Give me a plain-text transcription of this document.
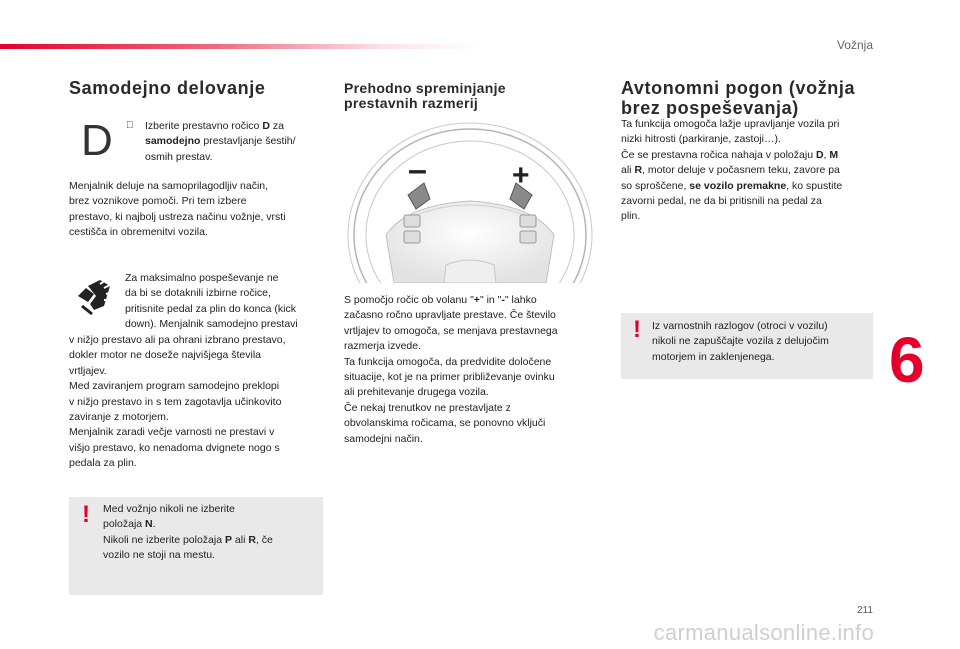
Vožnja
Samodejno delovanje
D	Izberite prestavno ročico D za
samodejno prestavljanje šestih/
osmih prestav.
Menjalnik deluje na samoprilagodljiv način,
brez voznikove pomoči. Pri tem izbere
prestavo, ki najbolj ustreza načinu vožnje, vrsti
cestišča in obremenitvi vozila.
Za maksimalno pospeševanje ne
da bi se dotaknili izbirne ročice,
pritisnite pedal za plin do konca (kick
down). Menjalnik samodejno prestavi
v nižjo prestavo ali pa ohrani izbrano prestavo,
dokler motor ne doseže najvišjega števila
vrtljajev.
Med zaviranjem program samodejno preklopi
v nižjo prestavo in s tem zagotavlja učinkovito
zaviranje z motorjem.
Menjalnik zaradi večje varnosti ne prestavi v
višjo prestavo, ko nenadoma dvignete nogo s
pedala za plin.
! Med vožnjo nikoli ne izberite
položaja N.
Nikoli ne izberite položaja P ali R, če
vozilo ne stoji na mestu.
Prehodno spreminjanje
prestavnih razmerij
–	+
S pomočjo ročic ob volanu "+" in "-" lahko
začasno ročno upravljate prestave. Če število
vrtljajev to omogoča, se menjava prestavnega
razmerja izvede.
Ta funkcija omogoča, da predvidite določene
situacije, kot je na primer približevanje ovinku
ali prehitevanje drugega vozila.
Če nekaj trenutkov ne prestavljate z
obvolanskima ročicama, se ponovno vključi
samodejni način.
Avtonomni pogon (vožnja
brez pospeševanja)
Ta funkcija omogoča lažje upravljanje vozila pri
nizki hitrosti (parkiranje, zastoji…).
Če se prestavna ročica nahaja v položaju D, M
ali R, motor deluje v počasnem teku, zavore pa
so sproščene, se vozilo premakne, ko spustite
zavorni pedal, ne da bi pritisnili na pedal za
plin.
! Iz varnostnih razlogov (otroci v vozilu)
nikoli ne zapuščajte vozila z delujočim
motorjem in zaklenjenega.	6
211
carmanualsonline.info
